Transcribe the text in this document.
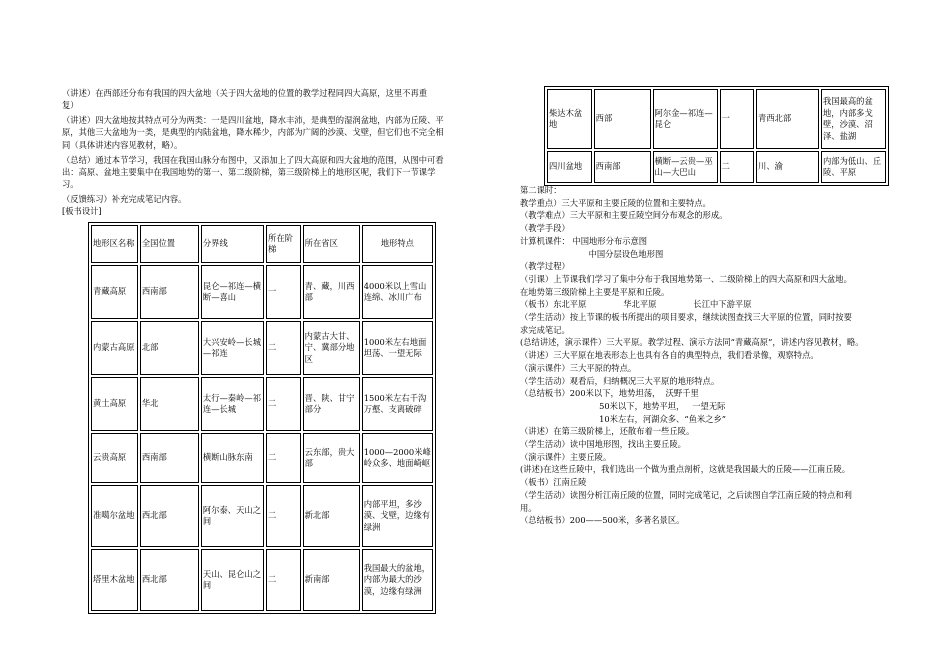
（讲述）在西部还分布有我国的四大盆地（关于四大盆地的位置的教学过程同四大高原，这里不再重
复）
（讲述）四大盆地按其特点可分为两类：一是四川盆地，降水丰沛，是典型的湿润盆地，内部为丘陵、平
原，其他三大盆地为一类，是典型的内陆盆地，降水稀少，内部为广阔的沙漠、戈壁，但它们也不完全相
同（具体讲述内容见教材，略）。
（总结）通过本节学习，我国在我国山脉分布图中，又添加上了四大高原和四大盆地的范围，从图中可看
出：高原、盆地主要集中在我国地势的第一、第二级阶梯，第三级阶梯上的地形区呢，我们下一节课学
习。
（反馈练习）补充完成笔记内容。
[板书设计]
地形区名称	全国位置	分界线	所在阶梯	所在省区	地形特点
青藏高原	西南部	昆仑—祁连—横断—喜山	一	青、藏，川西部	4000米以上雪山连绵、冰川广布
内蒙古高原	北部	大兴安岭—长城—祁连	二	内蒙古大甘、宁、冀部分地区	1000米左右地面坦荡、一望无际
黄土高原	华北	太行—秦岭—祁连—长城	二	晋、陕、甘宁部分	1500米左右千沟万壑、支离破碎
云贵高原	西南部	横断山脉东南	二	云东部，贵大部	1000—2000米峰岭众多、地面崎岖
准噶尔盆地	西北部	阿尔泰、天山之间	二	新北部	内部平坦，多沙漠、戈壁，边缘有绿洲
塔里木盆地	西北部	天山、昆仑山之间	二	新南部	我国最大的盆地，内部为最大的沙漠，边缘有绿洲
柴达木盆地	西部	阿尔金—祁连—昆仑	一	青西北部	我国最高的盆地，内部多戈壁，沙漠、沼泽、盐湖
四川盆地	西南部	横断—云贵—巫山—大巴山	二	川、渝	内部为低山、丘陵、平原
第二课时：
教学重点）三大平原和主要丘陵的位置和主要特点。
（教学难点）三大平原和主要丘陵空间分布观念的形成。
（教学手段）
计算机课件： 中国地形分布示意图
中国分层设色地形图
（教学过程）
（引课）上节课我们学习了集中分布于我国地势第一、二级阶梯上的四大高原和四大盆地。
在地势第三级阶梯上主要是平原和丘陵。
（板书）东北平原              华北平原              长江中下游平原
（学生活动）按上节课的板书所提出的项目要求，继续读图查找三大平原的位置，同时按要
求完成笔记。
(总结讲述，演示课件）三大平原。教学过程、演示方法同“青藏高原”，讲述内容见教材，略。
（讲述）三大平原在地表形态上也具有各自的典型特点，我们看录像，观察特点。
（演示课件）三大平原的特点。
（学生活动）观看后，归纳概况三大平原的地形特点。
（总结板书）200米以下，地势坦荡，  沃野千里
50米以下，地势平坦，   一望无际
10米左右，河湖众多、“鱼米之乡”
（讲述）在第三级阶梯上，还散布着一些丘陵。
（学生活动）读中国地形图，找出主要丘陵。
（演示课件）主要丘陵。
(讲述)在这些丘陵中，我们选出一个做为重点剖析，这就是我国最大的丘陵——江南丘陵。
（板书）江南丘陵
（学生活动）读图分析江南丘陵的位置，同时完成笔记，之后读图自学江南丘陵的特点和利
用。
（总结板书）200——500米，多著名景区。
